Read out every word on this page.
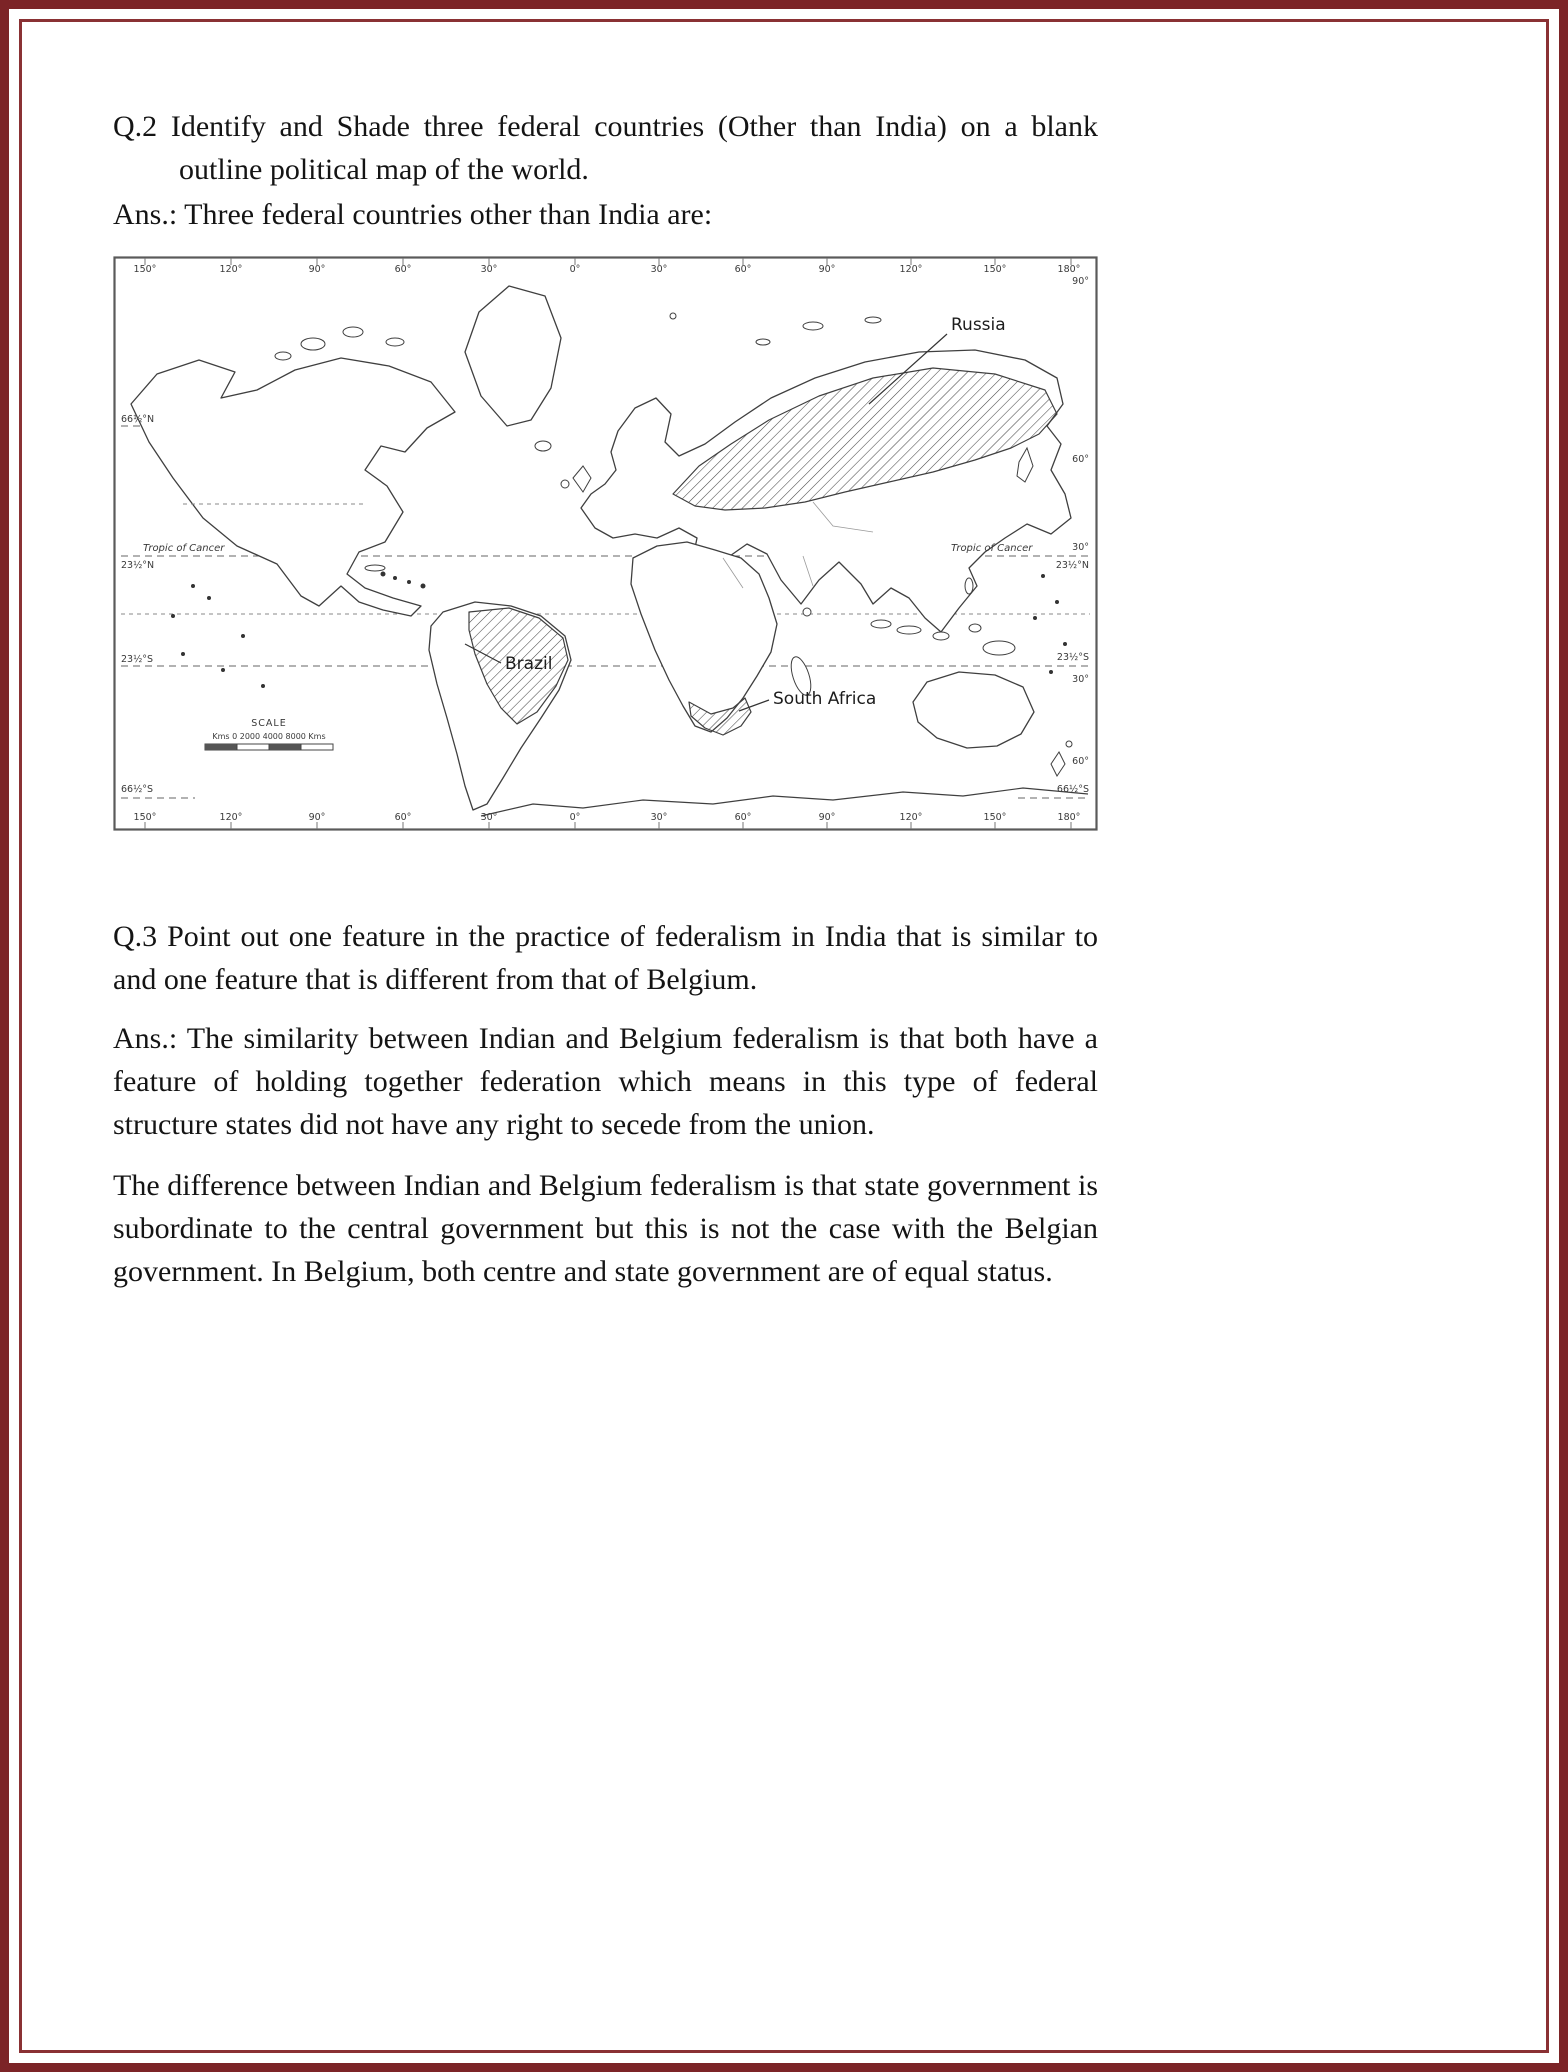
Q.2 Identify and Shade three federal countries (Other than India) on a blank outline political map of the world.

Ans.: Three federal countries other than India are:

Russia
Brazil
South Africa
Tropic of Cancer	Tropic of Cancer
66½°N
23½°N
23½°S
66½°S
90°
60°
30°
23½°N
23½°S
30°
60°
66½°S
150°	120°	90°	60°	30°	0°	30°	60°	90°	120°	150°	180°
150°	120°	90°	60°	30°	0°	30°	60°	90°	120°	150°	180°
SCALE
Kms 0 2000 4000 8000 Kms

Q.3 Point out one feature in the practice of federalism in India that is similar to and one feature that is different from that of Belgium.

Ans.: The similarity between Indian and Belgium federalism is that both have a feature of holding together federation which means in this type of federal structure states did not have any right to secede from the union.

The difference between Indian and Belgium federalism is that state government is subordinate to the central government but this is not the case with the Belgian government. In Belgium, both centre and state government are of equal status.
